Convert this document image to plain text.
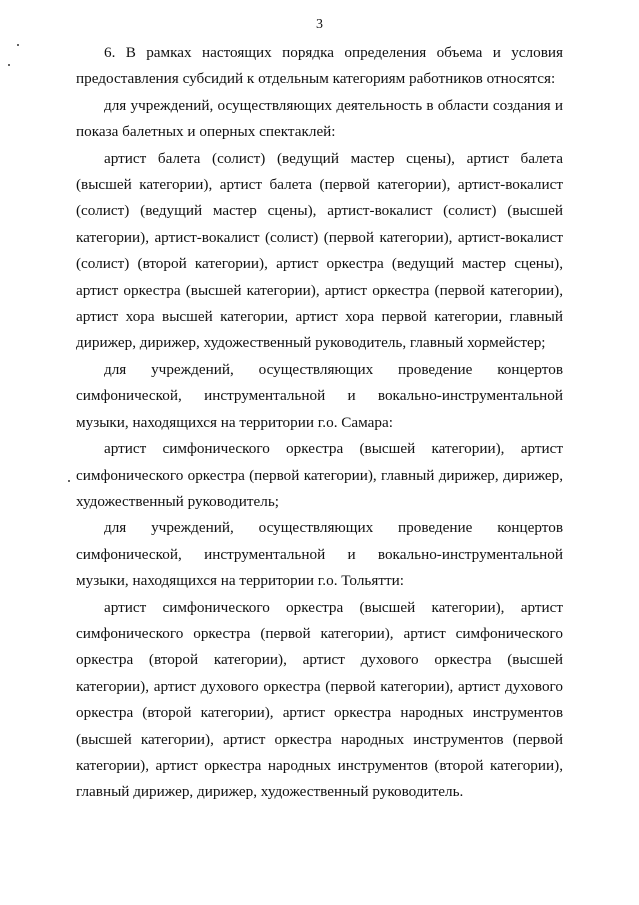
3

6. В рамках настоящих порядка определения объема и условия предоставления субсидий к отдельным категориям работников относятся:

для учреждений, осуществляющих деятельность в области создания и показа балетных и оперных спектаклей:

артист балета (солист) (ведущий мастер сцены), артист балета (высшей категории), артист балета (первой категории), артист-вокалист (солист) (ведущий мастер сцены), артист-вокалист (солист) (высшей категории), артист-вокалист (солист) (первой категории), артист-вокалист (солист) (второй категории), артист оркестра (ведущий мастер сцены), артист оркестра (высшей категории), артист оркестра (первой категории), артист хора высшей категории, артист хора первой категории, главный дирижер, дирижер, художественный руководитель, главный хормейстер;

для учреждений, осуществляющих проведение концертов симфонической, инструментальной и вокально-инструментальной музыки, находящихся на территории г.о. Самара:

артист симфонического оркестра (высшей категории), артист симфонического оркестра (первой категории), главный дирижер, дирижер, художественный руководитель;

для учреждений, осуществляющих проведение концертов симфонической, инструментальной и вокально-инструментальной музыки, находящихся на территории г.о. Тольятти:

артист симфонического оркестра (высшей категории), артист симфонического оркестра (первой категории), артист симфонического оркестра (второй категории), артист духового оркестра (высшей категории), артист духового оркестра (первой категории), артист духового оркестра (второй категории), артист оркестра народных инструментов (высшей категории), артист оркестра народных инструментов (первой категории), артист оркестра народных инструментов (второй категории), главный дирижер, дирижер, художественный руководитель.
